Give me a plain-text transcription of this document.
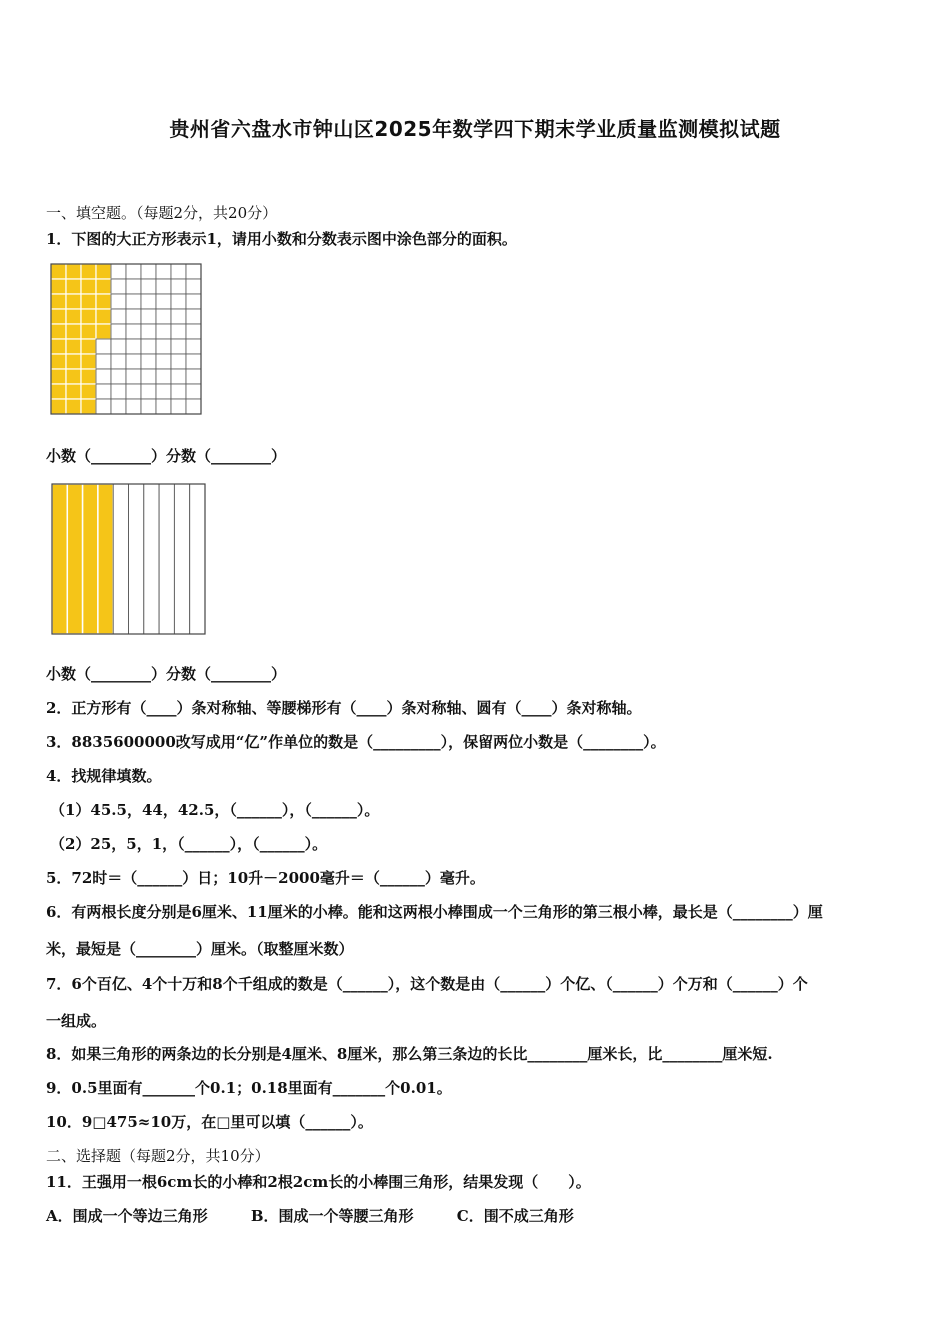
贵州省六盘水市钟山区2025年数学四下期末学业质量监测模拟试题
一、填空题。（每题2分，共20分）
1．下图的大正方形表示1，请用小数和分数表示图中涂色部分的面积。
小数（________）分数（________）
小数（________）分数（________）
2．正方形有（____）条对称轴、等腰梯形有（____）条对称轴、圆有（____）条对称轴。
3．8835600000改写成用“亿”作单位的数是（_________），保留两位小数是（________）。
4．找规律填数。
（1）45.5，44，42.5，（______），（______）。
（2）25，5，1，（______），（______）。
5．72时＝（______）日；10升－2000毫升＝（______）毫升。
6．有两根长度分别是6厘米、11厘米的小棒。能和这两根小棒围成一个三角形的第三根小棒，最长是（________）厘
米，最短是（________）厘米。（取整厘米数）
7．6个百亿、4个十万和8个千组成的数是（______），这个数是由（______）个亿、（______）个万和（______）个
一组成。
8．如果三角形的两条边的长分别是4厘米、8厘米，那么第三条边的长比________厘米长，比________厘米短.
9．0.5里面有_______个0.1；0.18里面有_______个0.01。
10．9□475≈10万，在□里可以填（______）。
二、选择题（每题2分，共10分）
11．王强用一根6cm长的小棒和2根2cm长的小棒围三角形，结果发现（　　）。
A．围成一个等边三角形	B．围成一个等腰三角形	C．围不成三角形
